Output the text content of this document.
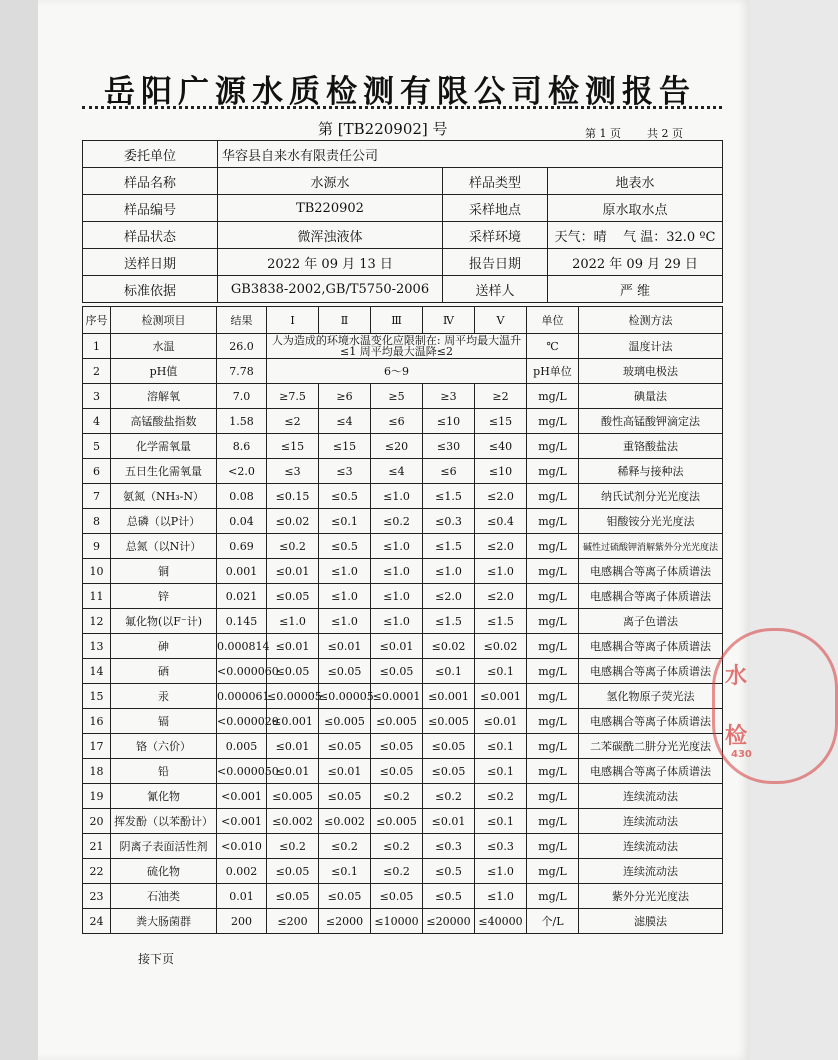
岳阳广源水质检测有限公司检测报告
第 [TB220902] 号	第 1 页 共 2 页
委托单位	华容县自来水有限责任公司		
样品名称	水源水	样品类型	地表水
样品编号	TB220902	采样地点	原水取水点
样品状态	微浑浊液体	采样环境	天气：晴    气 温：32.0 ºC
送样日期	2022 年 09 月 13 日	报告日期	2022 年 09 月 29 日
标准依据	GB3838-2002,GB/T5750-2006	送样人	严 维
序号	检测项目	结果	Ⅰ	Ⅱ	Ⅲ	Ⅳ	Ⅴ	单位	检测方法
1	水温	26.0	人为造成的环境水温变化应限制在: 周平均最大温升≤1 周平均最大温降≤2					℃	温度计法
2	pH值	7.78	6～9					pH单位	玻璃电极法
3	溶解氧	7.0	≥7.5	≥6	≥5	≥3	≥2	mg/L	碘量法
4	高锰酸盐指数	1.58	≤2	≤4	≤6	≤10	≤15	mg/L	酸性高锰酸钾滴定法
5	化学需氧量	8.6	≤15	≤15	≤20	≤30	≤40	mg/L	重铬酸盐法
6	五日生化需氧量	<2.0	≤3	≤3	≤4	≤6	≤10	mg/L	稀释与接种法
7	氨氮（NH₃-N）	0.08	≤0.15	≤0.5	≤1.0	≤1.5	≤2.0	mg/L	纳氏试剂分光光度法
8	总磷（以P计）	0.04	≤0.02	≤0.1	≤0.2	≤0.3	≤0.4	mg/L	钼酸铵分光光度法
9	总氮（以N计）	0.69	≤0.2	≤0.5	≤1.0	≤1.5	≤2.0	mg/L	碱性过硫酸钾消解紫外分光光度法
10	铜	0.001	≤0.01	≤1.0	≤1.0	≤1.0	≤1.0	mg/L	电感耦合等离子体质谱法
11	锌	0.021	≤0.05	≤1.0	≤1.0	≤2.0	≤2.0	mg/L	电感耦合等离子体质谱法
12	氟化物(以F⁻计)	0.145	≤1.0	≤1.0	≤1.0	≤1.5	≤1.5	mg/L	离子色谱法
13	砷	0.000814	≤0.01	≤0.01	≤0.01	≤0.02	≤0.02	mg/L	电感耦合等离子体质谱法
14	硒	<0.000060	≤0.05	≤0.05	≤0.05	≤0.1	≤0.1	mg/L	电感耦合等离子体质谱法
15	汞	0.000061	≤0.00005	≤0.00005	≤0.0001	≤0.001	≤0.001	mg/L	氢化物原子荧光法
16	镉	<0.000020	≤0.001	≤0.005	≤0.005	≤0.005	≤0.01	mg/L	电感耦合等离子体质谱法
17	铬（六价）	0.005	≤0.01	≤0.05	≤0.05	≤0.05	≤0.1	mg/L	二苯碳酰二肼分光光度法
18	铅	<0.000050	≤0.01	≤0.01	≤0.05	≤0.05	≤0.1	mg/L	电感耦合等离子体质谱法
19	氰化物	<0.001	≤0.005	≤0.05	≤0.2	≤0.2	≤0.2	mg/L	连续流动法
20	挥发酚（以苯酚计）	<0.001	≤0.002	≤0.002	≤0.005	≤0.01	≤0.1	mg/L	连续流动法
21	阴离子表面活性剂	<0.010	≤0.2	≤0.2	≤0.2	≤0.3	≤0.3	mg/L	连续流动法
22	硫化物	0.002	≤0.05	≤0.1	≤0.2	≤0.5	≤1.0	mg/L	连续流动法
23	石油类	0.01	≤0.05	≤0.05	≤0.05	≤0.5	≤1.0	mg/L	紫外分光光度法
24	粪大肠菌群	200	≤200	≤2000	≤10000	≤20000	≤40000	个/L	滤膜法
接下页
水
检
430
